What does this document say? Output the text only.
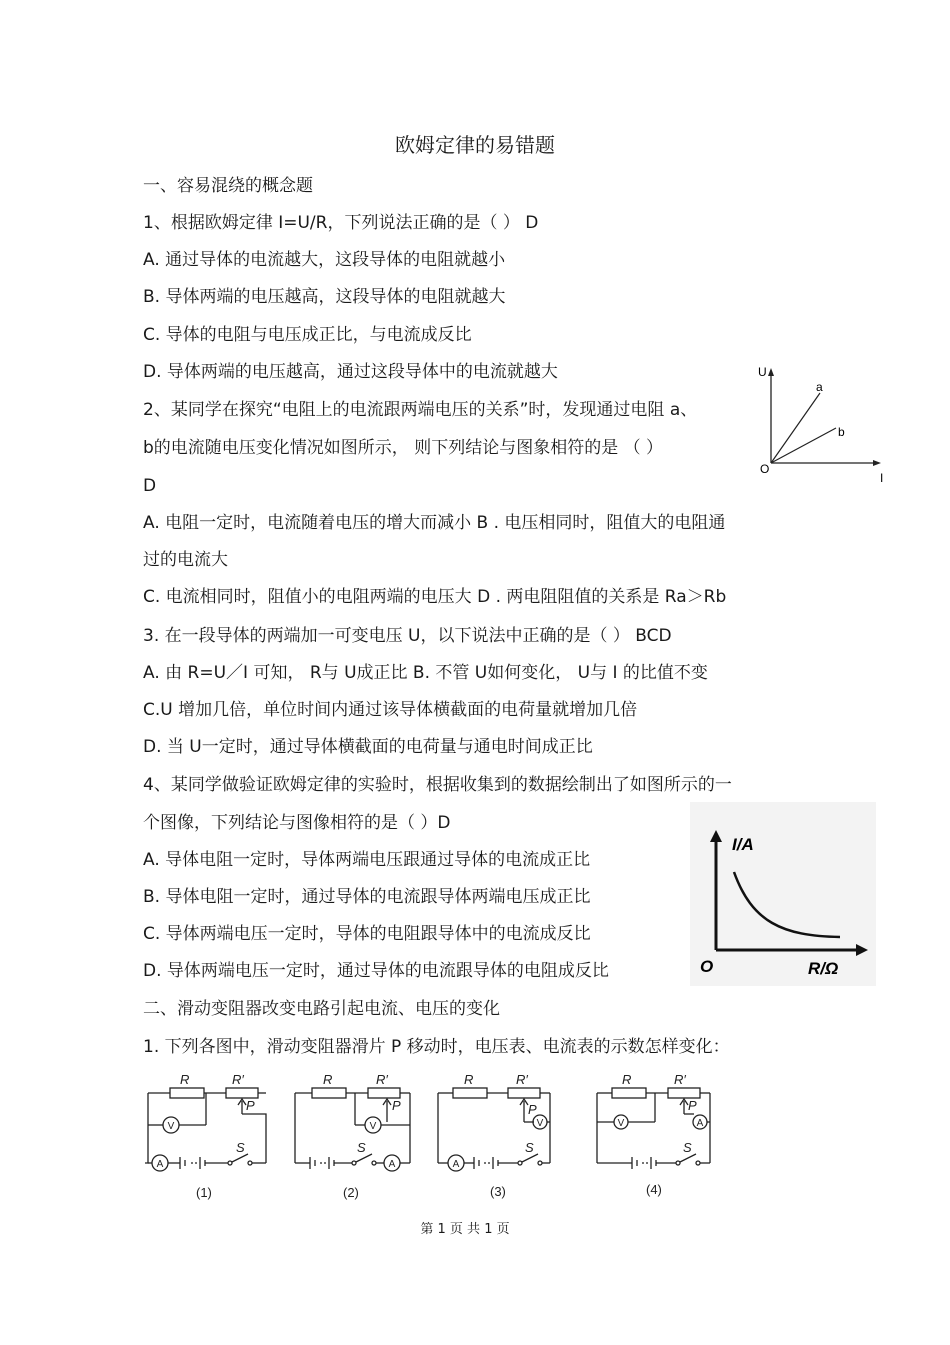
欧姆定律的易错题
一、容易混绕的概念题
1、根据欧姆定律 I=U/R，下列说法正确的是（ ） D
A. 通过导体的电流越大，这段导体的电阻就越小
B. 导体两端的电压越高，这段导体的电阻就越大
C. 导体的电阻与电压成正比，与电流成反比
D. 导体两端的电压越高，通过这段导体中的电流就越大
2、某同学在探究“电阻上的电流跟两端电压的关系”时，发现通过电阻 a、
b的电流随电压变化情况如图所示， 则下列结论与图象相符的是 （ ）
D
A. 电阻一定时，电流随着电压的增大而减小 B . 电压相同时，阻值大的电阻通
过的电流大
C. 电流相同时，阻值小的电阻两端的电压大 D . 两电阻阻值的关系是 Ra＞Rb
U
I
O
a
b
3. 在一段导体的两端加一可变电压 U，以下说法中正确的是（ ） BCD
A. 由 R=U／I 可知， R与 U成正比 B. 不管 U如何变化， U与 I 的比值不变
C.U 增加几倍，单位时间内通过该导体横截面的电荷量就增加几倍
D. 当 U一定时，通过导体横截面的电荷量与通电时间成正比
4、某同学做验证欧姆定律的实验时，根据收集到的数据绘制出了如图所示的一
个图像，下列结论与图像相符的是（ ）D
A. 导体电阻一定时，导体两端电压跟通过导体的电流成正比
B. 导体电阻一定时，通过导体的电流跟导体两端电压成正比
C. 导体两端电压一定时，导体的电阻跟导体中的电流成反比
D. 导体两端电压一定时，通过导体的电流跟导体的电阻成反比
I/A
R/Ω
O
二、滑动变阻器改变电路引起电流、电压的变化
1. 下列各图中，滑动变阻器滑片 P 移动时，电压表、电流表的示数怎样变化：
R	R′
P
S
R	R′
P
S
R	R′
P
S
R	R′
P
S
V
A
V
A
V
A
V	A
(1)	(2)	(3)	(4)
第 1 页 共 1 页
